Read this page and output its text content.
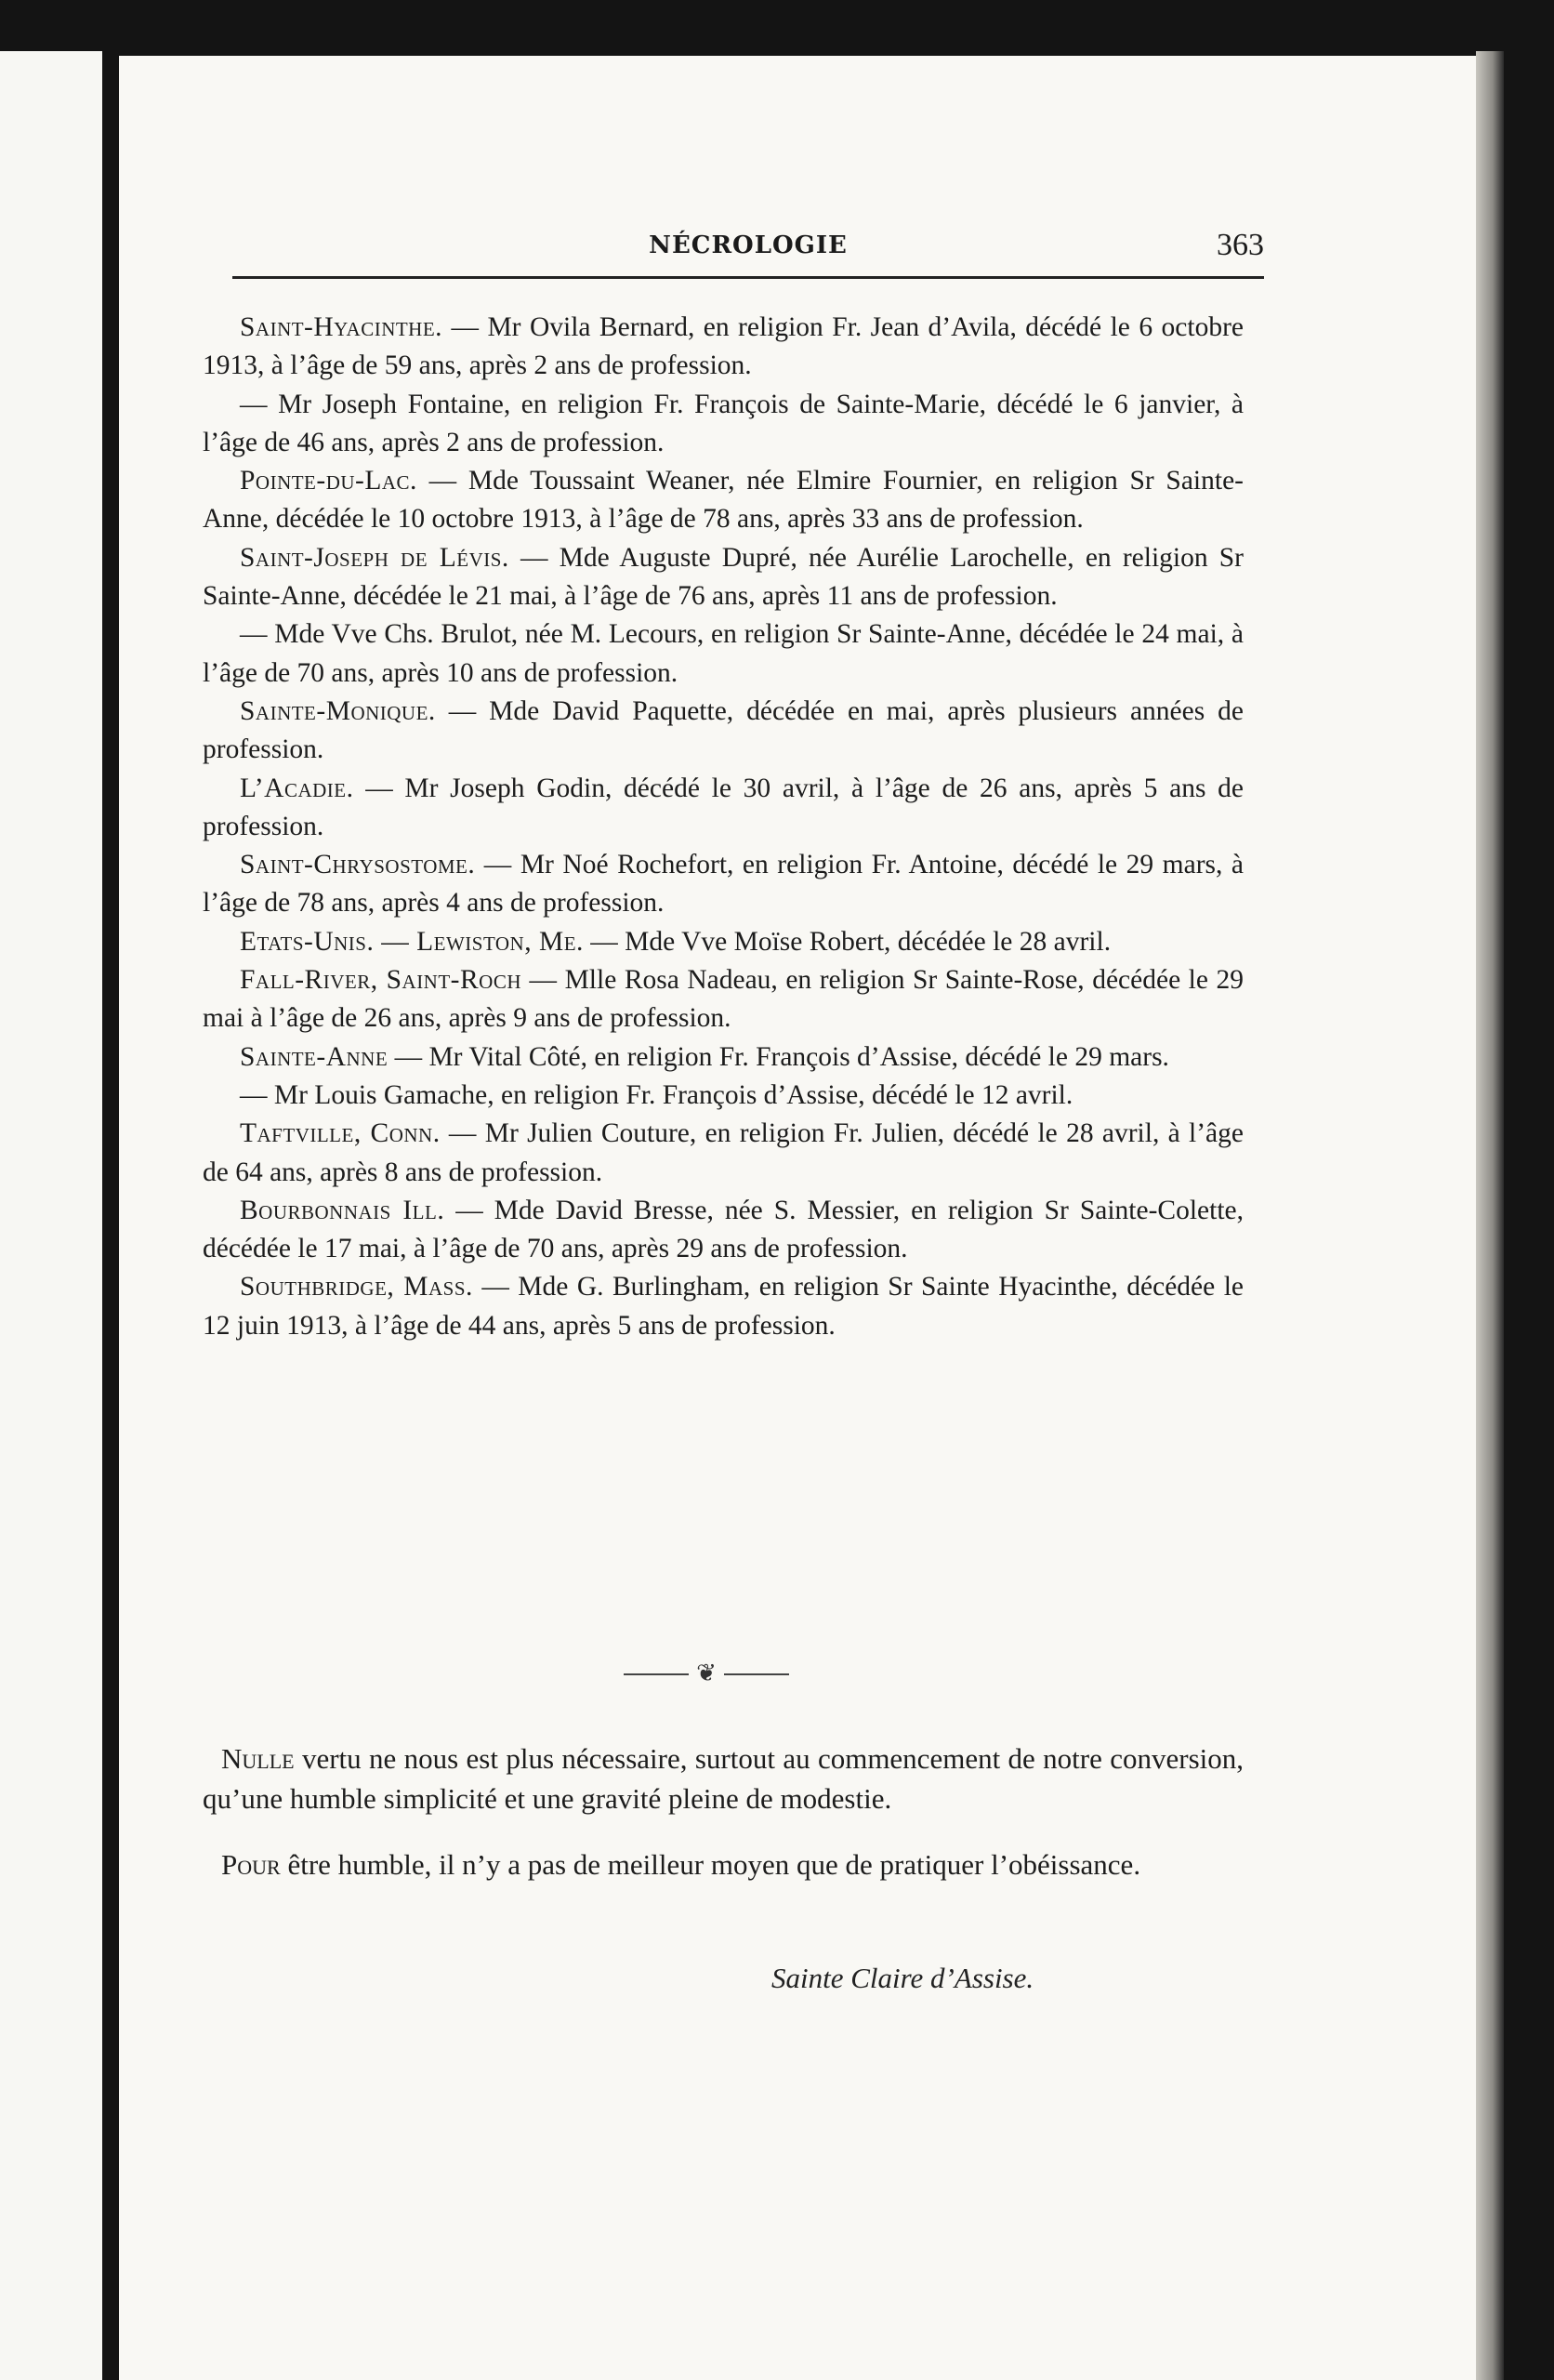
NÉCROLOGIE	363

Saint-Hyacinthe. — Mr Ovila Bernard, en religion Fr. Jean d’Avila, décédé le 6 octobre 1913, à l’âge de 59 ans, après 2 ans de profession.

— Mr Joseph Fontaine, en religion Fr. François de Sainte-Marie, décédé le 6 janvier, à l’âge de 46 ans, après 2 ans de profession.

Pointe-du-Lac. — Mde Toussaint Weaner, née Elmire Fournier, en religion Sr Sainte-Anne, décédée le 10 octobre 1913, à l’âge de 78 ans, après 33 ans de profession.

Saint-Joseph de Lévis. — Mde Auguste Dupré, née Aurélie Larochelle, en religion Sr Sainte-Anne, décédée le 21 mai, à l’âge de 76 ans, après 11 ans de profession.

— Mde Vve Chs. Brulot, née M. Lecours, en religion Sr Sainte-Anne, décédée le 24 mai, à l’âge de 70 ans, après 10 ans de profession.

Sainte-Monique. — Mde David Paquette, décédée en mai, après plusieurs années de profession.

L’Acadie. — Mr Joseph Godin, décédé le 30 avril, à l’âge de 26 ans, après 5 ans de profession.

Saint-Chrysostome. — Mr Noé Rochefort, en religion Fr. Antoine, décédé le 29 mars, à l’âge de 78 ans, après 4 ans de profession.

Etats-Unis. — Lewiston, Me. — Mde Vve Moïse Robert, décédée le 28 avril.

Fall-River, Saint-Roch — Mlle Rosa Nadeau, en religion Sr Sainte-Rose, décédée le 29 mai à l’âge de 26 ans, après 9 ans de profession.

Sainte-Anne — Mr Vital Côté, en religion Fr. François d’Assise, décédé le 29 mars.

— Mr Louis Gamache, en religion Fr. François d’Assise, décédé le 12 avril.

Taftville, Conn. — Mr Julien Couture, en religion Fr. Julien, décédé le 28 avril, à l’âge de 64 ans, après 8 ans de profession.

Bourbonnais Ill. — Mde David Bresse, née S. Messier, en religion Sr Sainte-Colette, décédée le 17 mai, à l’âge de 70 ans, après 29 ans de profession.

Southbridge, Mass. — Mde G. Burlingham, en religion Sr Sainte Hyacinthe, décédée le 12 juin 1913, à l’âge de 44 ans, après 5 ans de profession.

❦

Nulle vertu ne nous est plus nécessaire, surtout au commencement de notre conversion, qu’une humble simplicité et une gravité pleine de modestie.

Pour être humble, il n’y a pas de meilleur moyen que de pratiquer l’obéissance.

Sainte Claire d’Assise.
